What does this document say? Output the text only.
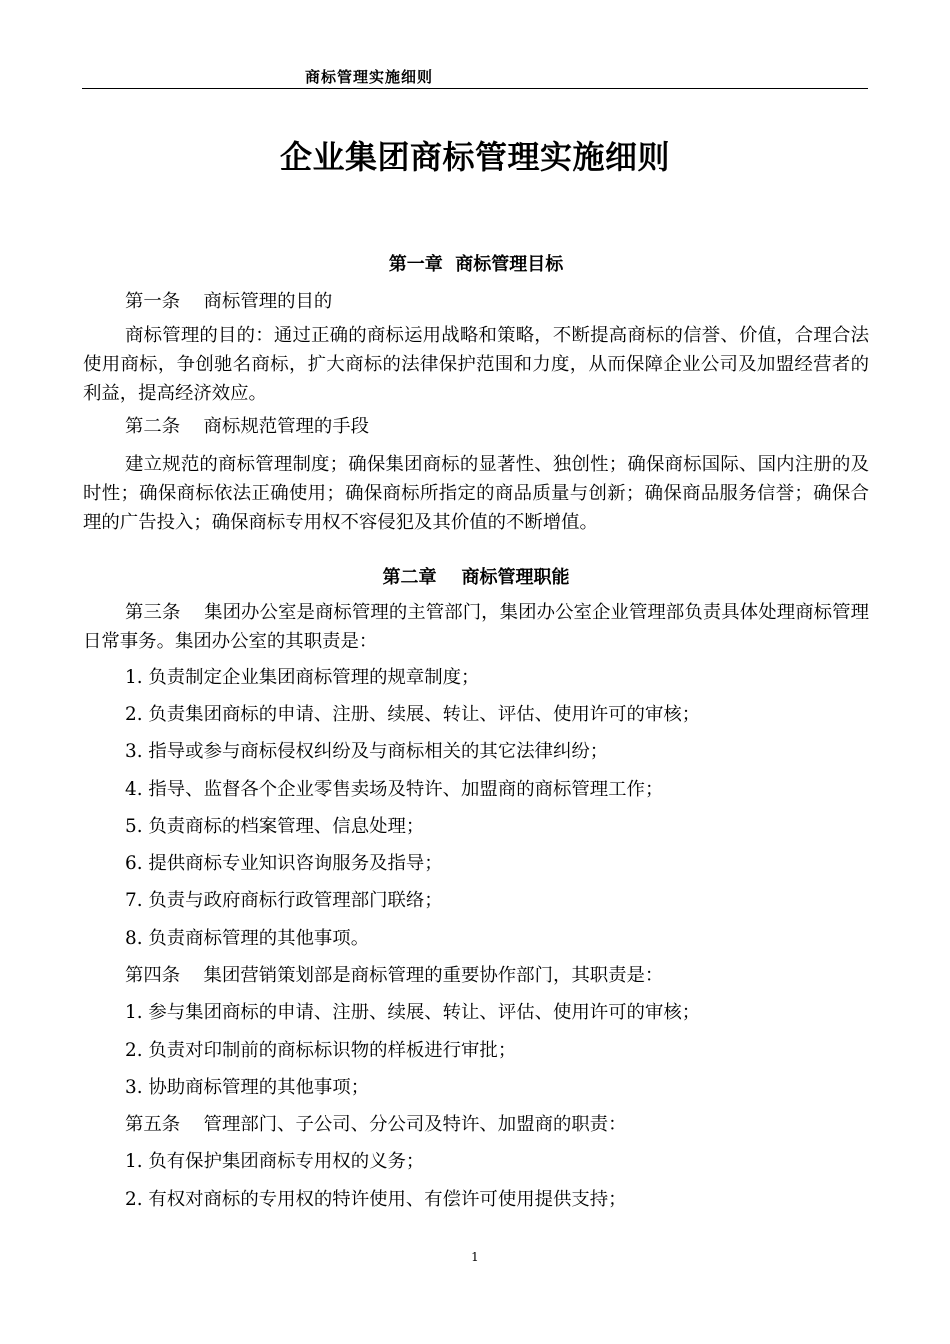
商标管理实施细则
企业集团商标管理实施细则
第一章  商标管理目标
第一条    商标管理的目的
商标管理的目的：通过正确的商标运用战略和策略，不断提高商标的信誉、价值，合理合法使用商标，争创驰名商标，扩大商标的法律保护范围和力度，从而保障企业公司及加盟经营者的利益，提高经济效应。
第二条    商标规范管理的手段
建立规范的商标管理制度；确保集团商标的显著性、独创性；确保商标国际、国内注册的及时性；确保商标依法正确使用；确保商标所指定的商品质量与创新；确保商品服务信誉；确保合理的广告投入；确保商标专用权不容侵犯及其价值的不断增值。
第二章    商标管理职能
第三条    集团办公室是商标管理的主管部门，集团办公室企业管理部负责具体处理商标管理日常事务。集团办公室的其职责是：
1. 负责制定企业集团商标管理的规章制度；
2. 负责集团商标的申请、注册、续展、转让、评估、使用许可的审核；
3. 指导或参与商标侵权纠纷及与商标相关的其它法律纠纷；
4. 指导、监督各个企业零售卖场及特许、加盟商的商标管理工作；
5. 负责商标的档案管理、信息处理；
6. 提供商标专业知识咨询服务及指导；
7. 负责与政府商标行政管理部门联络；
8. 负责商标管理的其他事项。
第四条    集团营销策划部是商标管理的重要协作部门，其职责是：
1. 参与集团商标的申请、注册、续展、转让、评估、使用许可的审核；
2. 负责对印制前的商标标识物的样板进行审批；
3. 协助商标管理的其他事项；
第五条    管理部门、子公司、分公司及特许、加盟商的职责：
1. 负有保护集团商标专用权的义务；
2. 有权对商标的专用权的特许使用、有偿许可使用提供支持；
1
